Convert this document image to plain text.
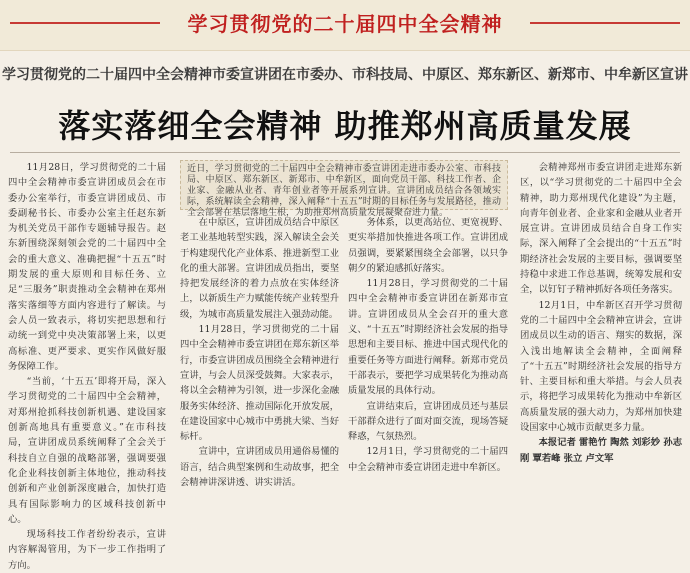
学习贯彻党的二十届四中全会精神
学习贯彻党的二十届四中全会精神市委宣讲团在市委办、市科技局、中原区、郑东新区、新郑市、中牟新区宣讲
落实落细全会精神 助推郑州高质量发展

11月28日，学习贯彻党的二十届四中全会精神市委宣讲团成员会在市委办公室举行，市委宣讲团成员、市委副秘书长、市委办公室主任赵东新为机关党员干部作专题辅导报告。赵东新围绕深刻领会党的二十届四中全会的重大意义、准确把握“十五五”时期发展的重大原则和目标任务、立足“三服务”职责推动全会精神在郑州落实落细等方面内容进行了解读。与会人员一致表示，将切实把思想和行动统一到党中央决策部署上来，以更高标准、更严要求、更实作风做好服务保障工作。

“当前，‘十五五’即将开局，深入学习贯彻党的二十届四中全会精神，对郑州抢抓科技创新机遇、建设国家创新高地具有重要意义。”在市科技局，宣讲团成员系统阐释了全会关于科技自立自强的战略部署，强调要强化企业科技创新主体地位，推动科技创新和产业创新深度融合，加快打造具有国际影响力的区域科技创新中心。

现场科技工作者纷纷表示，宣讲内容解渴管用，为下一步工作指明了方向。

近日，学习贯彻党的二十届四中全会精神市委宣讲团走进市委办公室、市科技局、中原区、郑东新区、新郑市、中牟新区，面向党员干部、科技工作者、企业家、金融从业者、青年创业者等开展系列宣讲。宣讲团成员结合各领域实际，系统解读全会精神，深入阐释“十五五”时期的目标任务与发展路径，推动全会部署在基层落地生根，为助推郑州高质量发展凝聚奋进力量。

在中原区，宣讲团成员结合中原区老工业基地转型实践，深入解读全会关于构建现代化产业体系、推进新型工业化的重大部署。宣讲团成员指出，要坚持把发展经济的着力点放在实体经济上，以新质生产力赋能传统产业转型升级，为城市高质量发展注入强劲动能。

11月28日，学习贯彻党的二十届四中全会精神市委宣讲团在郑东新区举行，市委宣讲团成员围绕全会精神进行宣讲，与会人员深受鼓舞。大家表示，将以全会精神为引领，进一步深化金融服务实体经济、推动国际化开放发展，在建设国家中心城市中勇挑大梁、当好标杆。

宣讲中，宣讲团成员用通俗易懂的语言，结合典型案例和生动故事，把全会精神讲深讲透、讲实讲活。

务体系，以更高站位、更宽视野、更实举措加快推进各项工作。宣讲团成员强调，要紧紧围绕全会部署，以只争朝夕的紧迫感抓好落实。

11月28日，学习贯彻党的二十届四中全会精神市委宣讲团在新郑市宣讲。宣讲团成员从全会召开的重大意义、“十五五”时期经济社会发展的指导思想和主要目标、推进中国式现代化的重要任务等方面进行阐释。新郑市党员干部表示，要把学习成果转化为推动高质量发展的具体行动。

宣讲结束后，宣讲团成员还与基层干部群众进行了面对面交流，现场答疑释惑，气氛热烈。

12月1日，学习贯彻党的二十届四中全会精神市委宣讲团走进中牟新区。

会精神郑州市委宣讲团走进郑东新区，以“学习贯彻党的二十届四中全会精神，助力郑州现代化建设”为主题，向青年创业者、企业家和金融从业者开展宣讲。宣讲团成员结合自身工作实际，深入阐释了全会提出的“十五五”时期经济社会发展的主要目标，强调要坚持稳中求进工作总基调，统筹发展和安全，以钉钉子精神抓好各项任务落实。

12月1日，中牟新区召开学习贯彻党的二十届四中全会精神宣讲会，宣讲团成员以生动的语言、翔实的数据，深入浅出地解读全会精神，全面阐释了“十五五”时期经济社会发展的指导方针、主要目标和重大举措。与会人员表示，将把学习成果转化为推动中牟新区高质量发展的强大动力，为郑州加快建设国家中心城市贡献更多力量。

本报记者 雷艳竹 陶然 刘彩妙 孙志刚 覃若峰 张立 卢文军
